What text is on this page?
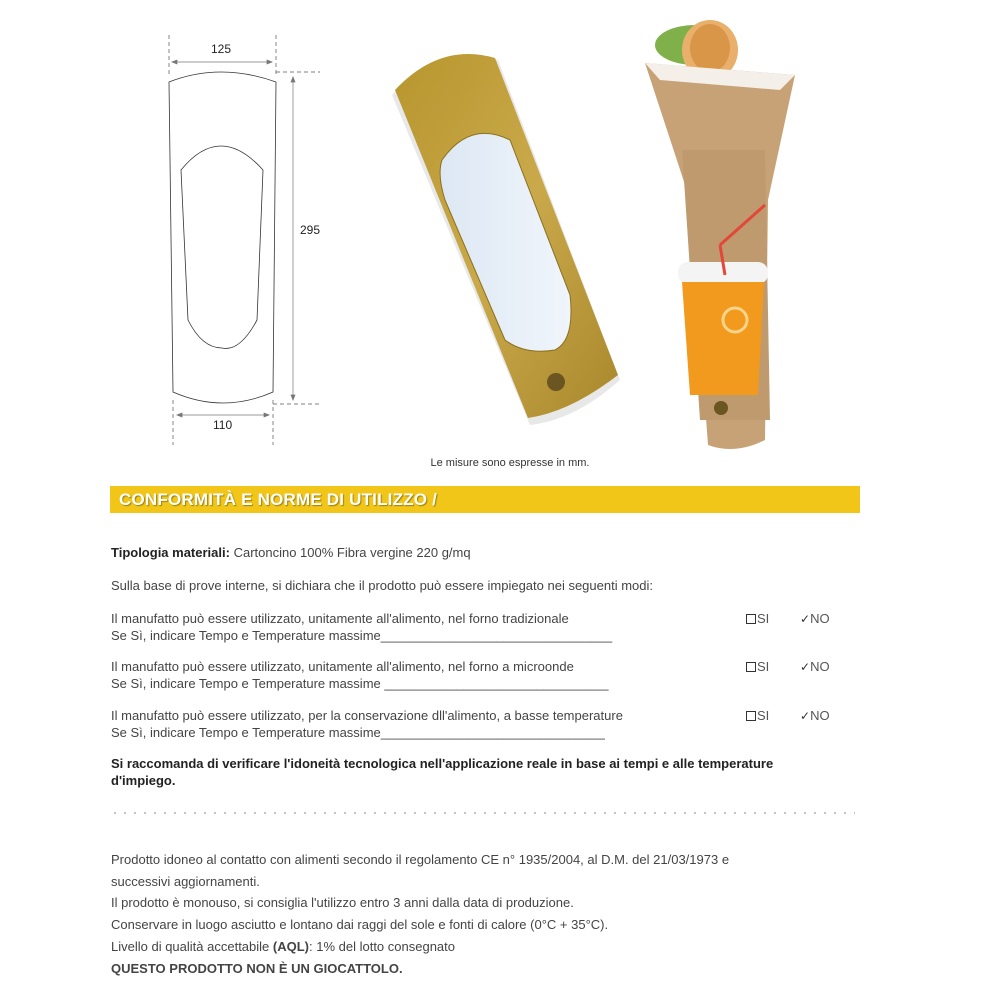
125
295
110
Le misure sono espresse in mm.
CONFORMITÀ E NORME DI UTILIZZO /
Tipologia materiali: Cartoncino 100% Fibra vergine 220 g/mq
Sulla base di prove interne, si dichiara che il prodotto può essere impiegato nei seguenti modi:
Il manufatto può essere utilizzato, unitamente all'alimento, nel forno tradizionale
Se Sì, indicare Tempo e Temperature massime________________________________
SI	✓NO
Il manufatto può essere utilizzato, unitamente all'alimento, nel forno a microonde
Se Sì, indicare Tempo e Temperature massime _______________________________
SI	✓NO
Il manufatto può essere utilizzato, per la conservazione dll'alimento, a basse temperature
Se Sì, indicare Tempo e Temperature massime_______________________________
SI	✓NO
Si raccomanda di verificare l'idoneità tecnologica nell'applicazione reale in base ai tempi e alle temperature
d'impiego.
Prodotto idoneo al contatto con alimenti secondo il regolamento CE n° 1935/2004, al D.M. del 21/03/1973 e
successivi aggiornamenti.
Il prodotto è monouso, si consiglia l'utilizzo entro 3 anni dalla data di produzione.
Conservare in luogo asciutto e lontano dai raggi del sole e fonti di calore (0°C + 35°C).
Livello di qualità accettabile (AQL): 1% del lotto consegnato
QUESTO PRODOTTO NON È UN GIOCATTOLO.
